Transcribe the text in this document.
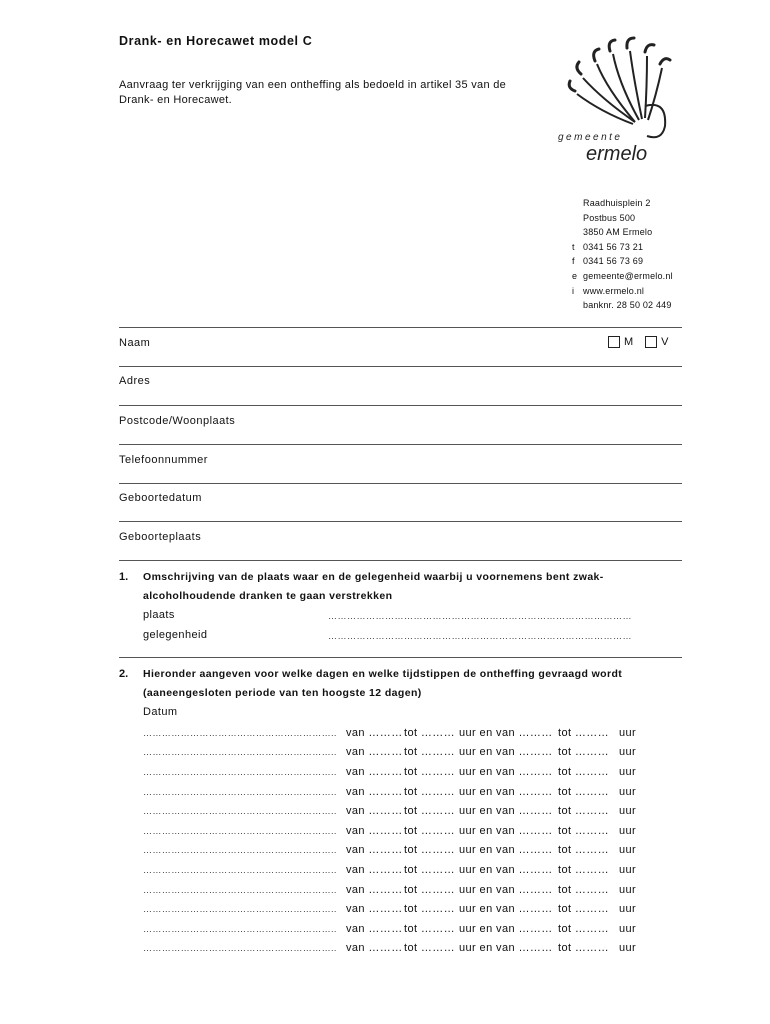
Drank- en Horecawet model C
Aanvraag ter verkrijging van een ontheffing als bedoeld in artikel 35 van de Drank- en Horecawet.
gemeente
ermelo
Raadhuisplein 2
Postbus 500
3850 AM Ermelo
t 0341 56 73 21
f 0341 56 73 69
e gemeente@ermelo.nl
i www.ermelo.nl
banknr. 28 50 02 449
Naam	M	V
Adres
Postcode/Woonplaats
Telefoonnummer
Geboortedatum
Geboorteplaats
1. Omschrijving van de plaats waar en de gelegenheid waarbij u voornemens bent zwak-
alcoholhoudende dranken te gaan verstrekken
plaats	……………………………………………………………………………………
gelegenheid	……………………………………………………………………………………
2. Hieronder aangeven voor welke dagen en welke tijdstippen de ontheffing gevraagd wordt
(aaneengesloten periode van ten hoogste 12 dagen)
Datum
…………………………………………………….. van ……… tot ……… uur en van ……… tot ……… uur
…………………………………………………….. van ……… tot ……… uur en van ……… tot ……… uur
…………………………………………………….. van ……… tot ……… uur en van ……… tot ……… uur
…………………………………………………….. van ……… tot ……… uur en van ……… tot ……… uur
…………………………………………………….. van ……… tot ……… uur en van ……… tot ……… uur
…………………………………………………….. van ……… tot ……… uur en van ……… tot ……… uur
…………………………………………………….. van ……… tot ……… uur en van ……… tot ……… uur
…………………………………………………….. van ……… tot ……… uur en van ……… tot ……… uur
…………………………………………………….. van ……… tot ……… uur en van ……… tot ……… uur
…………………………………………………….. van ……… tot ……… uur en van ……… tot ……… uur
…………………………………………………….. van ……… tot ……… uur en van ……… tot ……… uur
…………………………………………………….. van ……… tot ……… uur en van ……… tot ……… uur
